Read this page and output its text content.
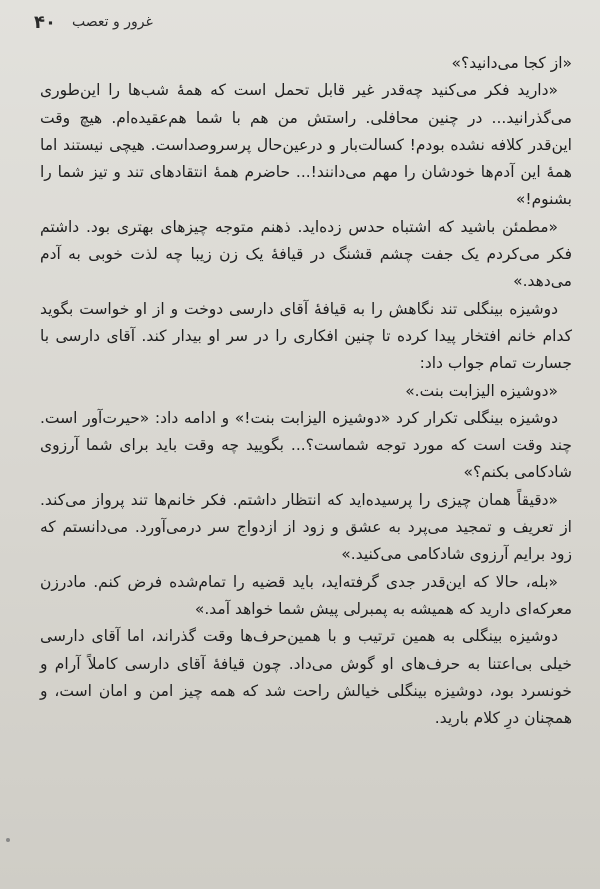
۴۰ غرور و تعصب

«از کجا می‌دانید؟»

«دارید فکر می‌کنید چه‌قدر غیر قابل تحمل است که همهٔ شب‌ها را این‌طوری می‌گذرانید... در چنین محافلی. راستش من هم با شما هم‌عقیده‌ام. هیچ وقت این‌قدر کلافه نشده بودم! کسالت‌بار و درعین‌حال پرسروصداست. هیچی نیستند اما همهٔ این آدم‌ها خودشان را مهم می‌دانند!... حاضرم همهٔ انتقادهای تند و تیز شما را بشنوم!»

«مطمئن باشید که اشتباه حدس زده‌اید. ذهنم متوجه چیزهای بهتری بود. داشتم فکر می‌کردم یک جفت چشم قشنگ در قیافهٔ یک زن زیبا چه لذت خوبی به آدم می‌دهد.»

دوشیزه بینگلی تند نگاهش را به قیافهٔ آقای دارسی دوخت و از او خواست بگوید کدام خانم افتخار پیدا کرده تا چنین افکاری را در سر او بیدار کند. آقای دارسی با جسارت تمام جواب داد:

«دوشیزه الیزابت بنت.»

دوشیزه بینگلی تکرار کرد «دوشیزه الیزابت بنت!» و ادامه داد: «حیرت‌آور است. چند وقت است که مورد توجه شماست؟... بگویید چه وقت باید برای شما آرزوی شادکامی بکنم؟»

«دقیقاً همان چیزی را پرسیده‌اید که انتظار داشتم. فکر خانم‌ها تند پرواز می‌کند. از تعریف و تمجید می‌پرد به عشق و زود از ازدواج سر درمی‌آورد. می‌دانستم که زود برایم آرزوی شادکامی می‌کنید.»

«بله، حالا که این‌قدر جدی گرفته‌اید، باید قضیه را تمام‌شده فرض کنم. مادرزن معرکه‌ای دارید که همیشه به پمبرلی پیش شما خواهد آمد.»

دوشیزه بینگلی به همین ترتیب و با همین‌حرف‌ها وقت گذراند، اما آقای دارسی خیلی بی‌اعتنا به حرف‌های او گوش می‌داد. چون قیافهٔ آقای دارسی کاملاً آرام و خونسرد بود، دوشیزه بینگلی خیالش راحت شد که همه چیز امن و امان است، و همچنان درِ کلام بارید.
